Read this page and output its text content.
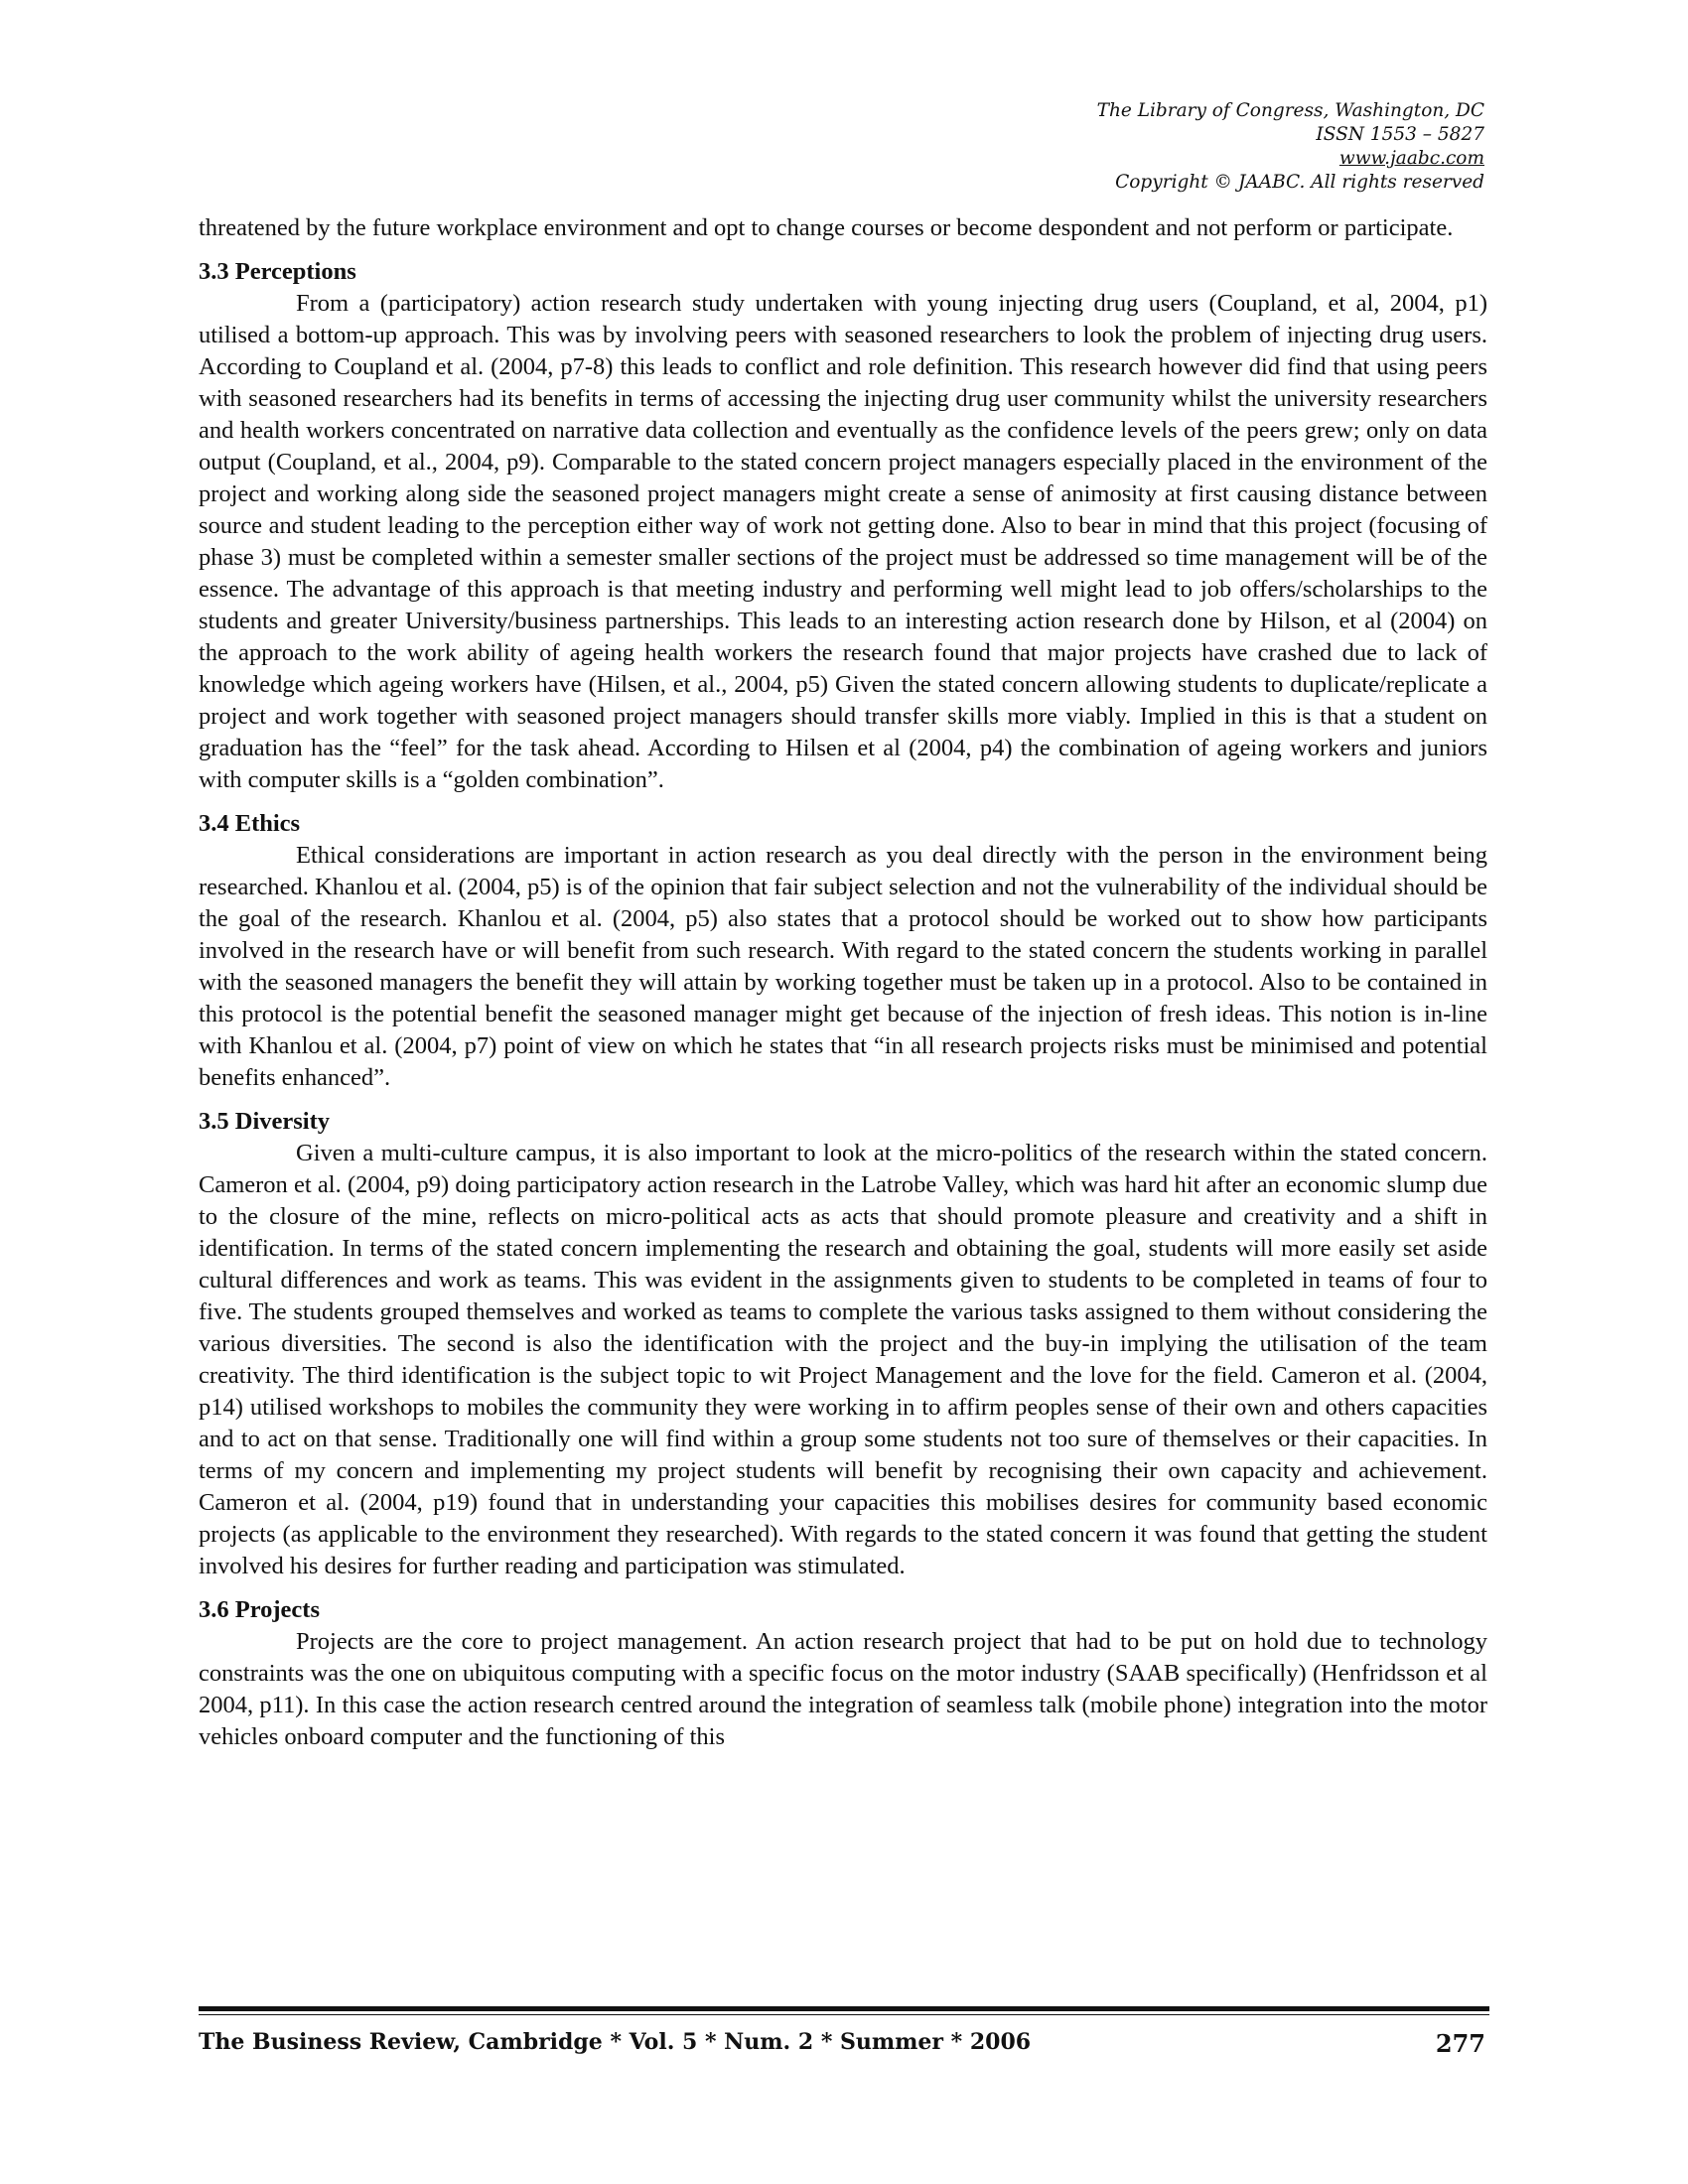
The Library of Congress, Washington, DC
ISSN 1553 – 5827
www.jaabc.com
Copyright © JAABC. All rights reserved

threatened by the future workplace environment and opt to change courses or become despondent and not perform or participate.

3.3 Perceptions

From a (participatory) action research study undertaken with young injecting drug users (Coupland, et al, 2004, p1) utilised a bottom-up approach. This was by involving peers with seasoned researchers to look the problem of injecting drug users. According to Coupland et al. (2004, p7-8) this leads to conflict and role definition. This research however did find that using peers with seasoned researchers had its benefits in terms of accessing the injecting drug user community whilst the university researchers and health workers concentrated on narrative data collection and eventually as the confidence levels of the peers grew; only on data output (Coupland, et al., 2004, p9). Comparable to the stated concern project managers especially placed in the environment of the project and working along side the seasoned project managers might create a sense of animosity at first causing distance between source and student leading to the perception either way of work not getting done. Also to bear in mind that this project (focusing of phase 3) must be completed within a semester smaller sections of the project must be addressed so time management will be of the essence. The advantage of this approach is that meeting industry and performing well might lead to job offers/scholarships to the students and greater University/business partnerships. This leads to an interesting action research done by Hilson, et al (2004) on the approach to the work ability of ageing health workers the research found that major projects have crashed due to lack of knowledge which ageing workers have (Hilsen, et al., 2004, p5) Given the stated concern allowing students to duplicate/replicate a project and work together with seasoned project managers should transfer skills more viably. Implied in this is that a student on graduation has the “feel” for the task ahead. According to Hilsen et al (2004, p4) the combination of ageing workers and juniors with computer skills is a “golden combination”.

3.4 Ethics

Ethical considerations are important in action research as you deal directly with the person in the environment being researched. Khanlou et al. (2004, p5) is of the opinion that fair subject selection and not the vulnerability of the individual should be the goal of the research. Khanlou et al. (2004, p5) also states that a protocol should be worked out to show how participants involved in the research have or will benefit from such research. With regard to the stated concern the students working in parallel with the seasoned managers the benefit they will attain by working together must be taken up in a protocol. Also to be contained in this protocol is the potential benefit the seasoned manager might get because of the injection of fresh ideas. This notion is in-line with Khanlou et al. (2004, p7) point of view on which he states that “in all research projects risks must be minimised and potential benefits enhanced”.

3.5 Diversity

Given a multi-culture campus, it is also important to look at the micro-politics of the research within the stated concern. Cameron et al. (2004, p9) doing participatory action research in the Latrobe Valley, which was hard hit after an economic slump due to the closure of the mine, reflects on micro-political acts as acts that should promote pleasure and creativity and a shift in identification. In terms of the stated concern implementing the research and obtaining the goal, students will more easily set aside cultural differences and work as teams. This was evident in the assignments given to students to be completed in teams of four to five. The students grouped themselves and worked as teams to complete the various tasks assigned to them without considering the various diversities. The second is also the identification with the project and the buy-in implying the utilisation of the team creativity. The third identification is the subject topic to wit Project Management and the love for the field. Cameron et al. (2004, p14) utilised workshops to mobiles the community they were working in to affirm peoples sense of their own and others capacities and to act on that sense. Traditionally one will find within a group some students not too sure of themselves or their capacities. In terms of my concern and implementing my project students will benefit by recognising their own capacity and achievement. Cameron et al. (2004, p19) found that in understanding your capacities this mobilises desires for community based economic projects (as applicable to the environment they researched). With regards to the stated concern it was found that getting the student involved his desires for further reading and participation was stimulated.

3.6 Projects

Projects are the core to project management. An action research project that had to be put on hold due to technology constraints was the one on ubiquitous computing with a specific focus on the motor industry (SAAB specifically) (Henfridsson et al 2004, p11). In this case the action research centred around the integration of seamless talk (mobile phone) integration into the motor vehicles onboard computer and the functioning of this

The Business Review, Cambridge * Vol. 5 * Num. 2 * Summer * 2006	277
